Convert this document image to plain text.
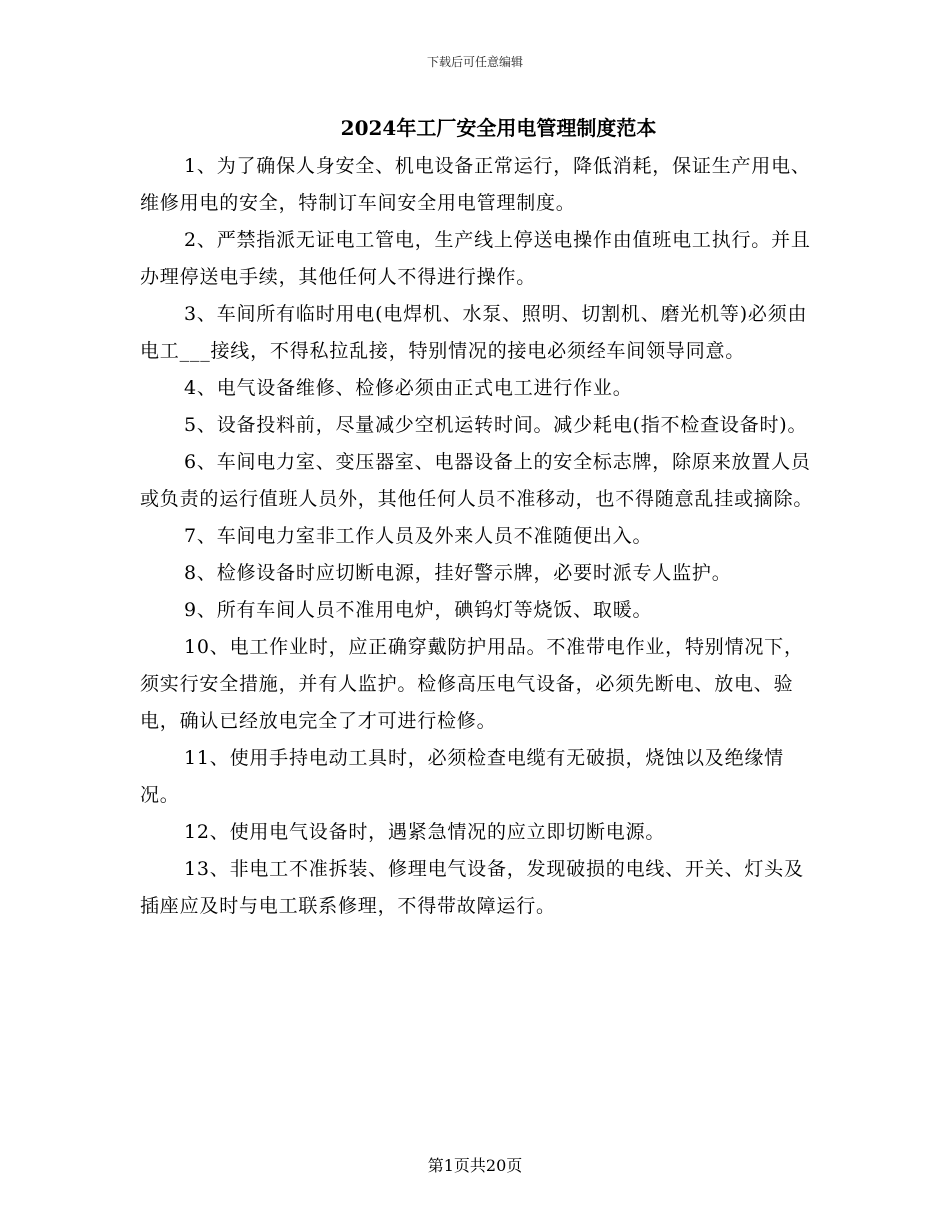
下载后可任意编辑
2024年工厂安全用电管理制度范本

1、为了确保人身安全、机电设备正常运行，降低消耗，保证生产用电、维修用电的安全，特制订车间安全用电管理制度。

2、严禁指派无证电工管电，生产线上停送电操作由值班电工执行。并且办理停送电手续，其他任何人不得进行操作。

3、车间所有临时用电(电焊机、水泵、照明、切割机、磨光机等)必须由电工___接线，不得私拉乱接，特别情况的接电必须经车间领导同意。

4、电气设备维修、检修必须由正式电工进行作业。

5、设备投料前，尽量减少空机运转时间。减少耗电(指不检查设备时)。

6、车间电力室、变压器室、电器设备上的安全标志牌，除原来放置人员或负责的运行值班人员外，其他任何人员不准移动，也不得随意乱挂或摘除。

7、车间电力室非工作人员及外来人员不准随便出入。

8、检修设备时应切断电源，挂好警示牌，必要时派专人监护。

9、所有车间人员不准用电炉，碘钨灯等烧饭、取暖。

10、电工作业时，应正确穿戴防护用品。不准带电作业，特别情况下，须实行安全措施，并有人监护。检修高压电气设备，必须先断电、放电、验电，确认已经放电完全了才可进行检修。

11、使用手持电动工具时，必须检查电缆有无破损，烧蚀以及绝缘情况。

12、使用电气设备时，遇紧急情况的应立即切断电源。

13、非电工不准拆装、修理电气设备，发现破损的电线、开关、灯头及插座应及时与电工联系修理，不得带故障运行。

第1页共20页
